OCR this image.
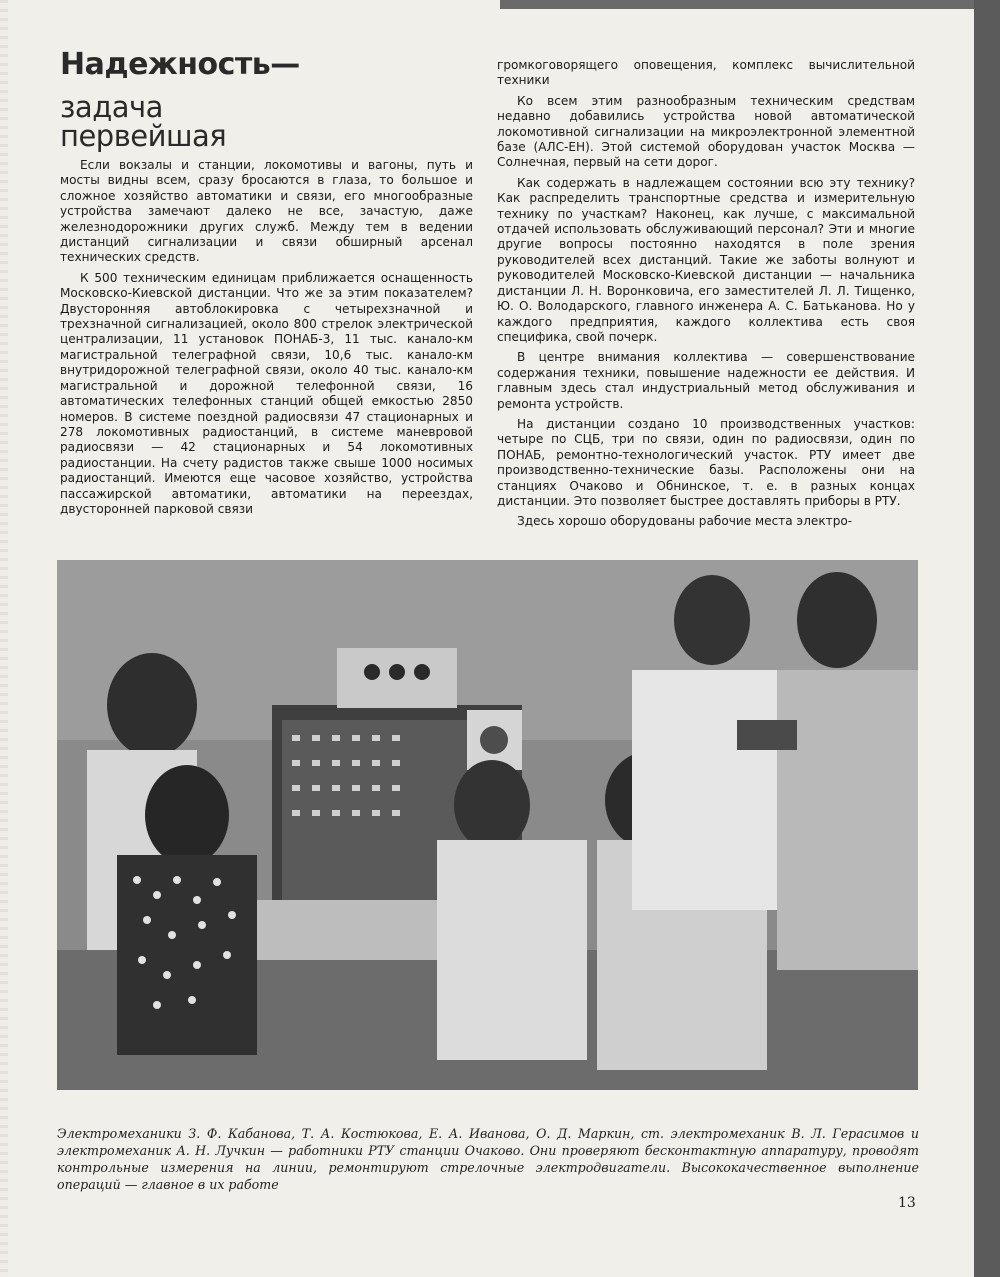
Надежность—
задача первейшая

Если вокзалы и станции, локомотивы и вагоны, путь и мосты видны всем, сразу бросаются в глаза, то большое и сложное хозяйство автоматики и связи, его многообразные устройства замечают далеко не все, зачастую, даже железнодорожники других служб. Между тем в ведении дистанций сигнализации и связи обширный арсенал технических средств.

К 500 техническим единицам приближается оснащенность Московско-Киевской дистанции. Что же за этим показателем? Двусторонняя автоблокировка с четырехзначной и трехзначной сигнализацией, около 800 стрелок электрической централизации, 11 установок ПОНАБ-3, 11 тыс. канало-км магистральной телеграфной связи, 10,6 тыс. канало-км внутридорожной телеграфной связи, около 40 тыс. канало-км магистральной и дорожной телефонной связи, 16 автоматических телефонных станций общей емкостью 2850 номеров. В системе поездной радиосвязи 47 стационарных и 278 локомотивных радиостанций, в системе маневровой радиосвязи — 42 стационарных и 54 локомотивных радиостанции. На счету радистов также свыше 1000 носимых радиостанций. Имеются еще часовое хозяйство, устройства пассажирской автоматики, автоматики на переездах, двусторонней парковой связи

громкоговорящего оповещения, комплекс вычислительной техники

Ко всем этим разнообразным техническим средствам недавно добавились устройства новой автоматической локомотивной сигнализации на микроэлектронной элементной базе (АЛС-ЕН). Этой системой оборудован участок Москва — Солнечная, первый на сети дорог.

Как содержать в надлежащем состоянии всю эту технику? Как распределить транспортные средства и измерительную технику по участкам? Наконец, как лучше, с максимальной отдачей использовать обслуживающий персонал? Эти и многие другие вопросы постоянно находятся в поле зрения руководителей всех дистанций. Такие же заботы волнуют и руководителей Московско-Киевской дистанции — начальника дистанции Л. Н. Воронковича, его заместителей Л. Л. Тищенко, Ю. О. Володарского, главного инженера А. С. Батьканова. Но у каждого предприятия, каждого коллектива есть своя специфика, свой почерк.

В центре внимания коллектива — совершенствование содержания техники, повышение надежности ее действия. И главным здесь стал индустриальный метод обслуживания и ремонта устройств.

На дистанции создано 10 производственных участков: четыре по СЦБ, три по связи, один по радиосвязи, один по ПОНАБ, ремонтно-технологический участок. РТУ имеет две производственно-технические базы. Расположены они на станциях Очаково и Обнинское, т. е. в разных концах дистанции. Это позволяет быстрее доставлять приборы в РТУ.

Здесь хорошо оборудованы рабочие места электро-

Электромеханики З. Ф. Кабанова, Т. А. Костюкова, Е. А. Иванова, О. Д. Маркин, ст. электромеханик В. Л. Герасимов и электромеханик А. Н. Лучкин — работники РТУ станции Очаково. Они проверяют бесконтактную аппаратуру, проводят контрольные измерения на линии, ремонтируют стрелочные электродвигатели. Высококачественное выполнение операций — главное в их работе
13
